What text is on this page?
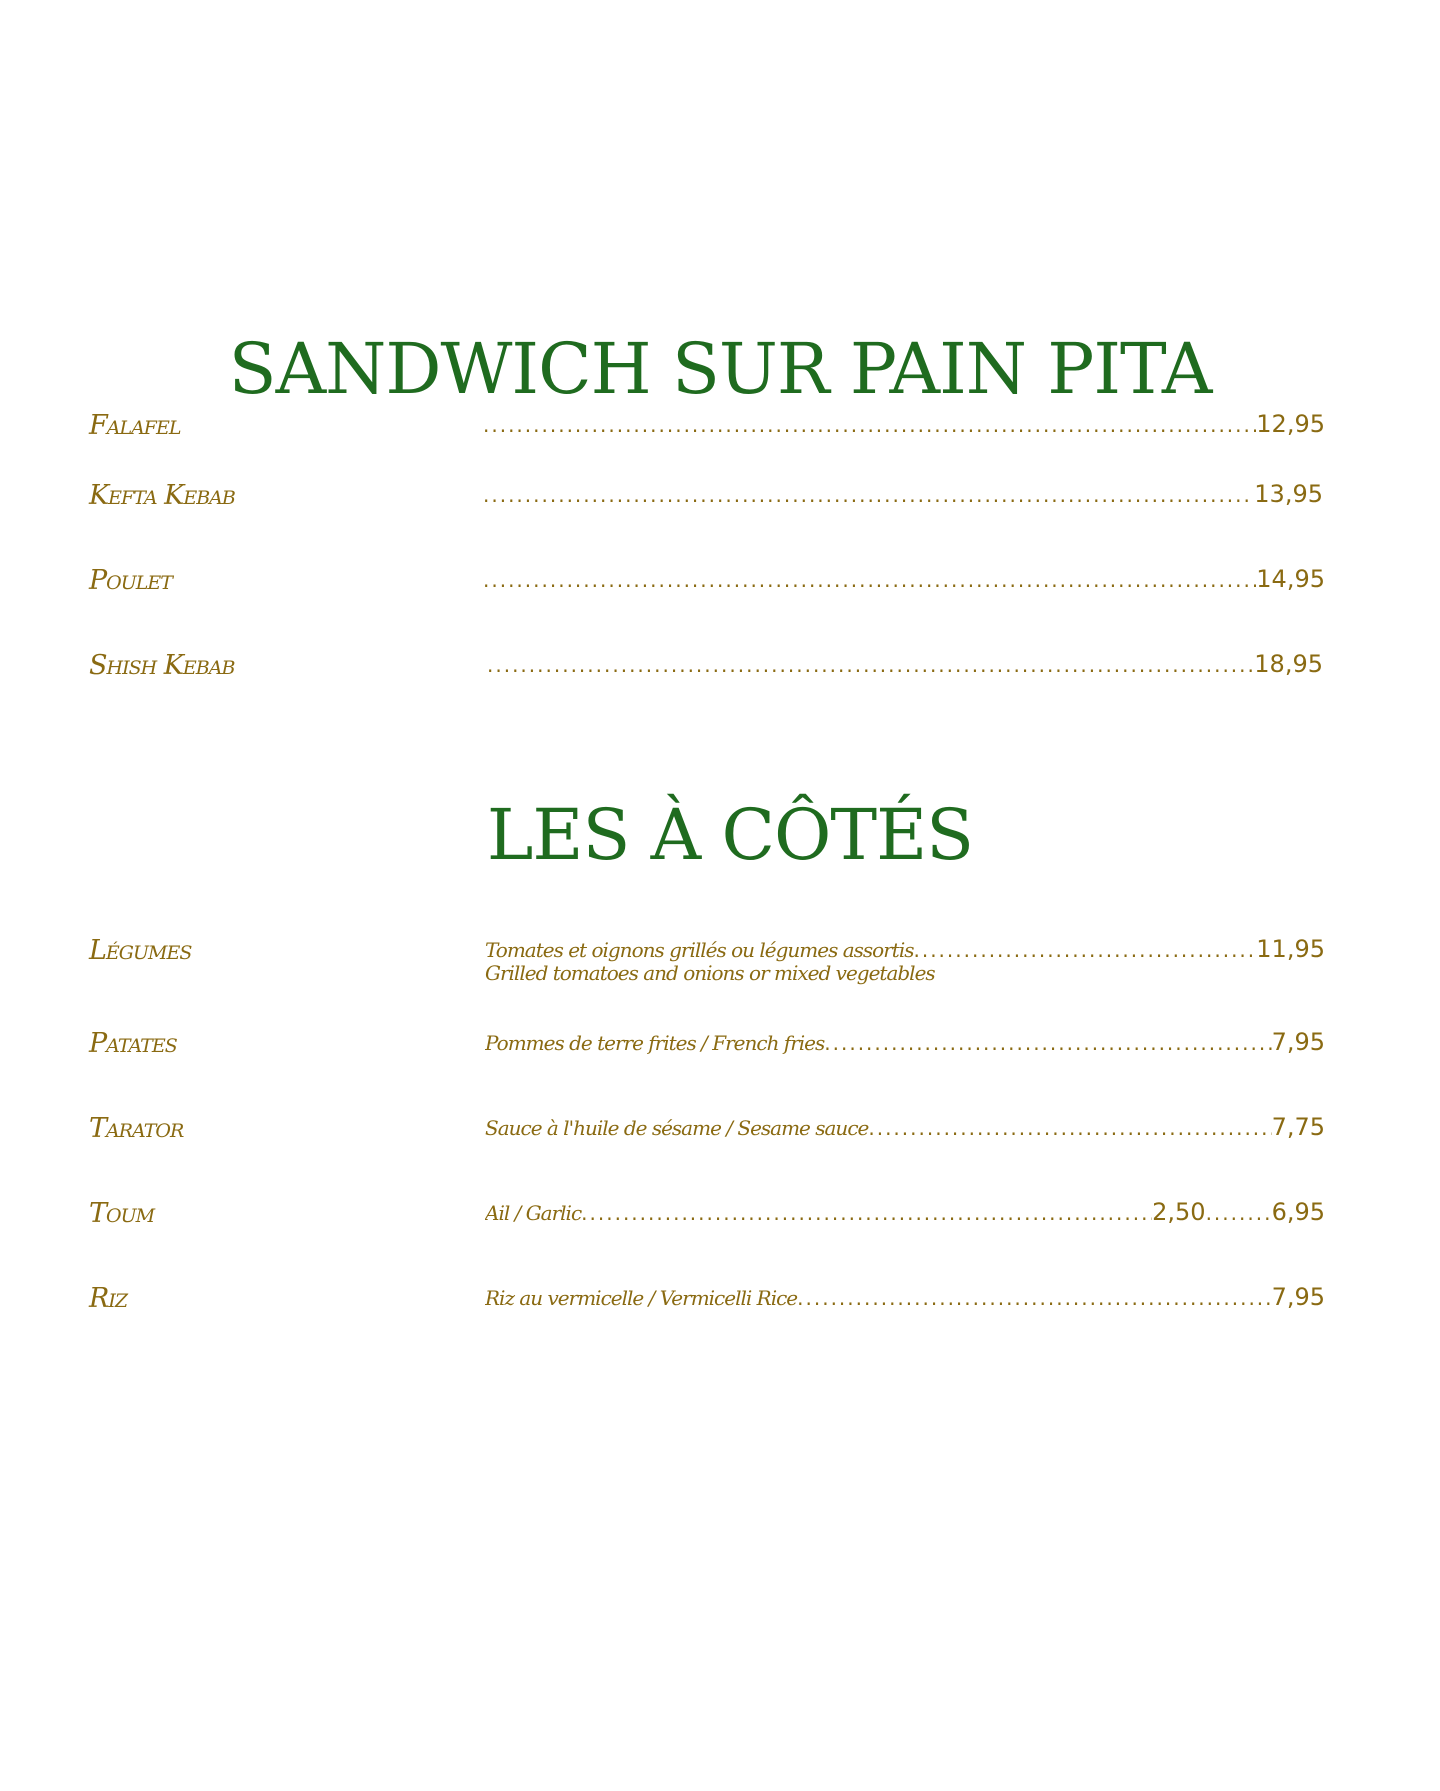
SANDWICH SUR PAIN PITA
Falafel .....	12,95
Kefta Kebab .....	13,95
Poulet .....	14,95
Shish Kebab .....	18,95
LES À CÔTÉS
Légumes	Tomates et oignons grillés ou légumes assortis .....	11,95
Grilled tomatoes and onions or mixed vegetables
Patates	Pommes de terre frites / French fries .....	7,95
Tarator	Sauce à l'huile de sésame / Sesame sauce .....	7,75
Toum	Ail / Garlic .....	2,50 .....	6,95
Riz	Riz au vermicelle / Vermicelli Rice .....	7,95
